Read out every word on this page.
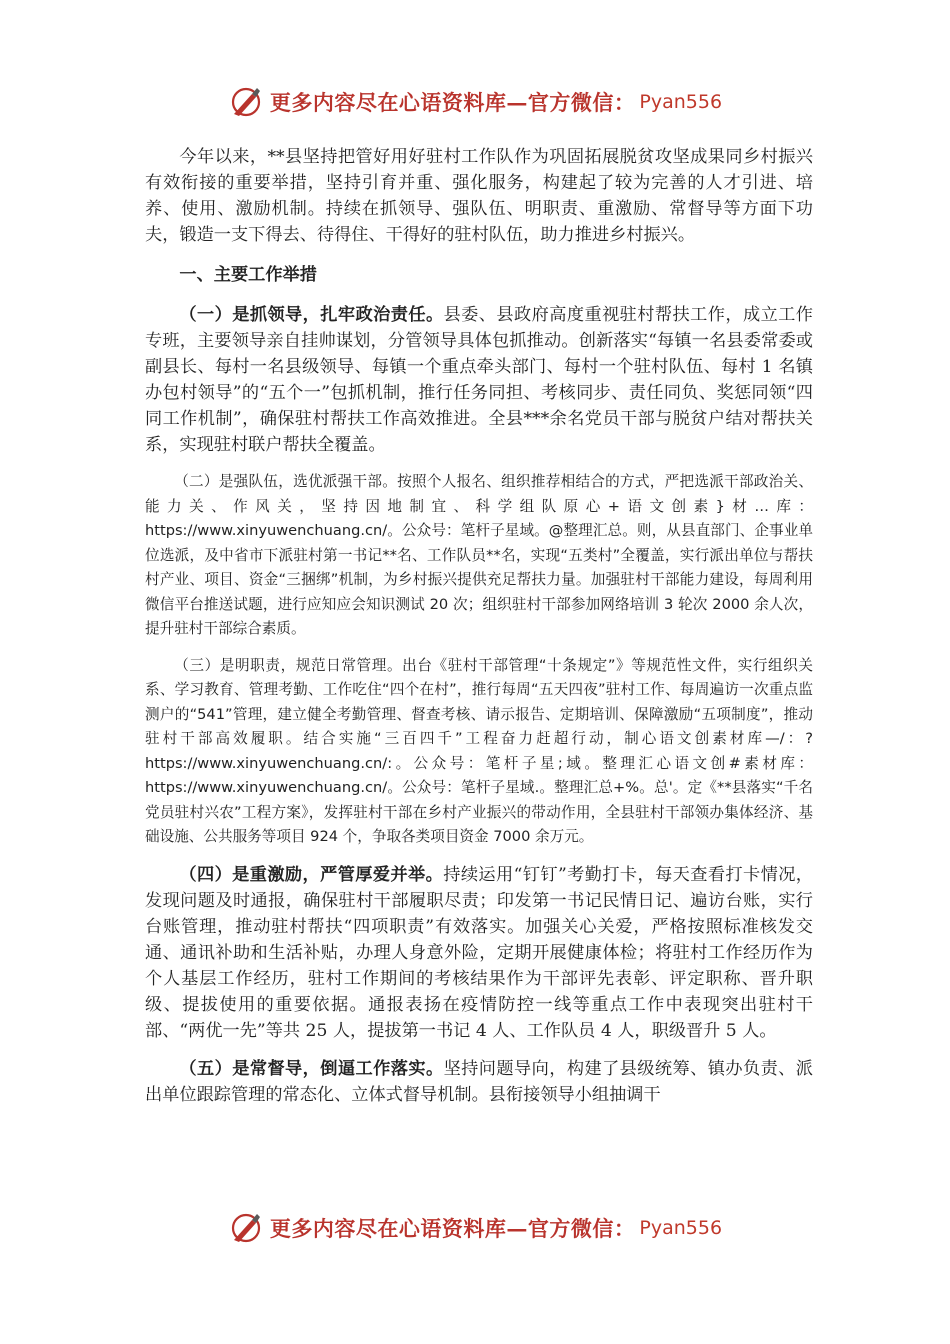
更多内容尽在心语资料库—官方微信： Pyan556

今年以来，**县坚持把管好用好驻村工作队作为巩固拓展脱贫攻坚成果同乡村振兴有效衔接的重要举措，坚持引育并重、强化服务，构建起了较为完善的人才引进、培养、使用、激励机制。持续在抓领导、强队伍、明职责、重激励、常督导等方面下功夫，锻造一支下得去、待得住、干得好的驻村队伍，助力推进乡村振兴。

一、主要工作举措

（一）是抓领导，扎牢政治责任。县委、县政府高度重视驻村帮扶工作，成立工作专班，主要领导亲自挂帅谋划，分管领导具体包抓推动。创新落实“每镇一名县委常委或副县长、每村一名县级领导、每镇一个重点牵头部门、每村一个驻村队伍、每村 1 名镇办包村领导”的“五个一”包抓机制，推行任务同担、考核同步、责任同负、奖惩同领“四同工作机制”，确保驻村帮扶工作高效推进。全县***余名党员干部与脱贫户结对帮扶关系，实现驻村联户帮扶全覆盖。

（二）是强队伍，选优派强干部。按照个人报名、组织推荐相结合的方式，严把选派干部政治关、能力关、作风关，坚持因地制宜、科学组队原心+语文创素}材…库：https://www.xinyuwenchuang.cn/。公众号：笔杆子星域。@整理汇总。则，从县直部门、企事业单位选派，及中省市下派驻村第一书记**名、工作队员**名，实现“五类村”全覆盖，实行派出单位与帮扶村产业、项目、资金“三捆绑”机制，为乡村振兴提供充足帮扶力量。加强驻村干部能力建设，每周利用微信平台推送试题，进行应知应会知识测试 20 次；组织驻村干部参加网络培训 3 轮次 2000 余人次，提升驻村干部综合素质。

（三）是明职责，规范日常管理。出台《驻村干部管理“十条规定”》等规范性文件，实行组织关系、学习教育、管理考勤、工作吃住“四个在村”，推行每周“五天四夜”驻村工作、每周遍访一次重点监测户的“541”管理，建立健全考勤管理、督查考核、请示报告、定期培训、保障激励“五项制度”，推动驻村干部高效履职。结合实施“三百四千”工程奋力赶超行动，制心语文创素材库—/：?https://www.xinyuwenchuang.cn/:。公众号：笔杆子星;域。整理汇心语文创#素材库：https://www.xinyuwenchuang.cn/。公众号：笔杆子星域.。整理汇总+%。总'。定《**县落实“千名党员驻村兴农”工程方案》，发挥驻村干部在乡村产业振兴的带动作用，全县驻村干部领办集体经济、基础设施、公共服务等项目 924 个，争取各类项目资金 7000 余万元。

（四）是重激励，严管厚爱并举。持续运用“钉钉”考勤打卡，每天查看打卡情况，发现问题及时通报，确保驻村干部履职尽责；印发第一书记民情日记、遍访台账，实行台账管理，推动驻村帮扶“四项职责”有效落实。加强关心关爱，严格按照标准核发交通、通讯补助和生活补贴，办理人身意外险，定期开展健康体检；将驻村工作经历作为个人基层工作经历，驻村工作期间的考核结果作为干部评先表彰、评定职称、晋升职级、提拔使用的重要依据。通报表扬在疫情防控一线等重点工作中表现突出驻村干部、“两优一先”等共 25 人，提拔第一书记 4 人、工作队员 4 人，职级晋升 5 人。

（五）是常督导，倒逼工作落实。坚持问题导向，构建了县级统筹、镇办负责、派出单位跟踪管理的常态化、立体式督导机制。县衔接领导小组抽调干

更多内容尽在心语资料库—官方微信： Pyan556
